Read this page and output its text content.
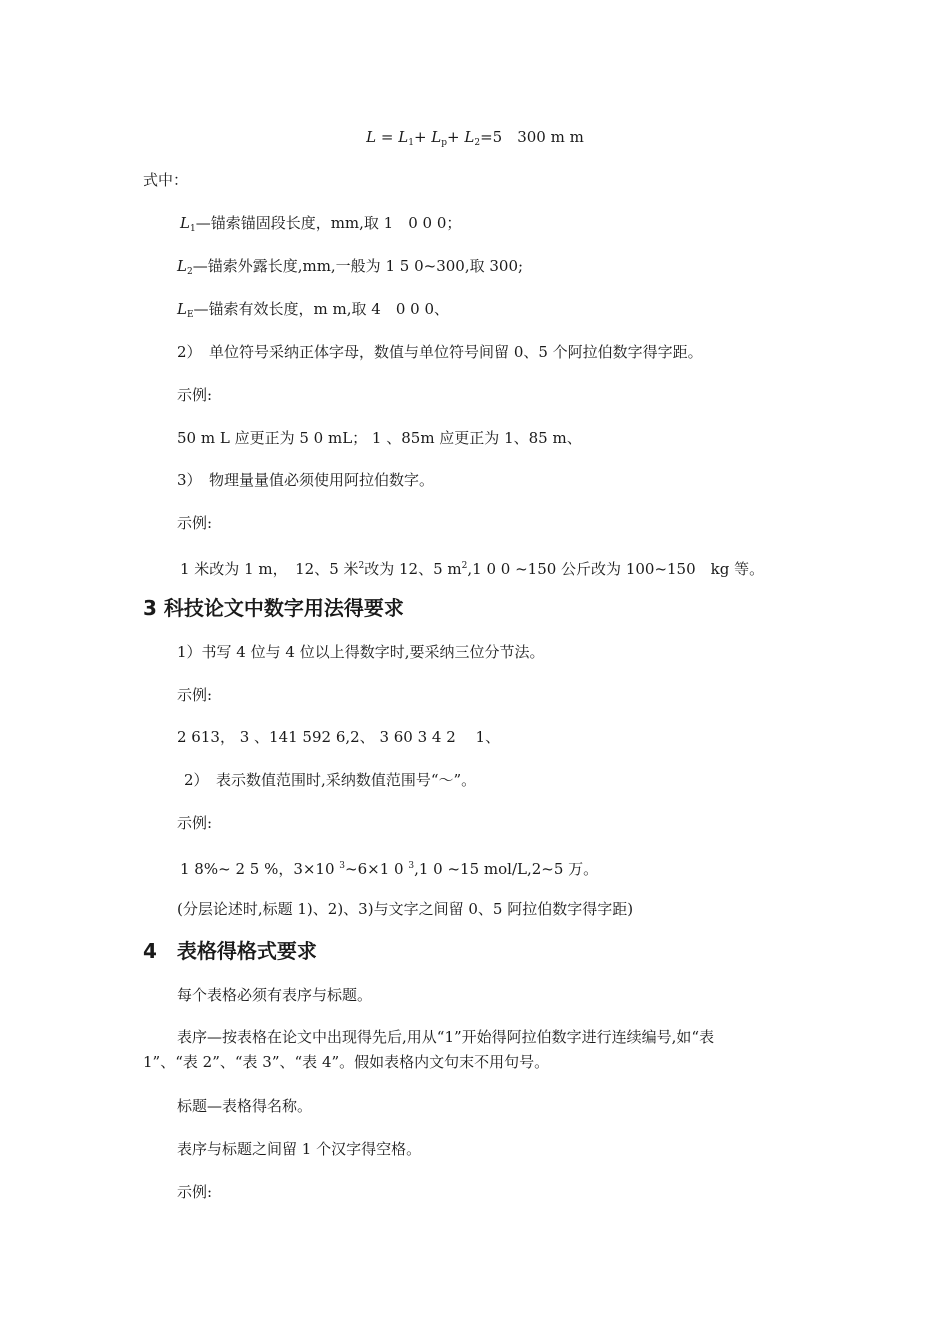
$L = L_1+ L_p+ L_2=5$　300 m m
式中：
$L_1—$锚索锚固段长度，mm,取 1　0 0 0；
$L_2—$锚索外露长度,mm,一般为 1 5 0~300,取 300;
$L_E—$锚索有效长度，m m,取 4　0 0 0、
2）　单位符号采纳正体字母，数值与单位符号间留 0、5 个阿拉伯数字得字距。
示例:
50 m L 应更正为 5 0 mL； 1 、85m 应更正为 1、85 m、
3）　物理量量值必须使用阿拉伯数字。
示例:
1 米改为 1 m，　12、5 米$^2$改为 12、5 $m^2,1$ 0 0 ~150 公斤改为 100~150　kg 等。
3 科技论文中数字用法得要求
1）书写 4 位与 4 位以上得数字时,要采纳三位分节法。
示例:
2 613， 3 、141 592 6,2、 3 60 3 4 2　 1、
2）　表示数值范围时,采纳数值范围号“～”。
示例:
1 8%~ 2 5 %，3×10 $^3$~6×1 0 $^3$,1 0 ~15 mol/L,2~5 万。
(分层论述时,标题 1)、2)、3)与文字之间留 0、5 阿拉伯数字得字距)
4　表格得格式要求
每个表格必须有表序与标题。
表序—按表格在论文中出现得先后,用从“1”开始得阿拉伯数字进行连续编号,如“表
1”、“表 2”、“表 3”、“表 4”。假如表格内文句末不用句号。
标题—表格得名称。
表序与标题之间留 1 个汉字得空格。
示例:
